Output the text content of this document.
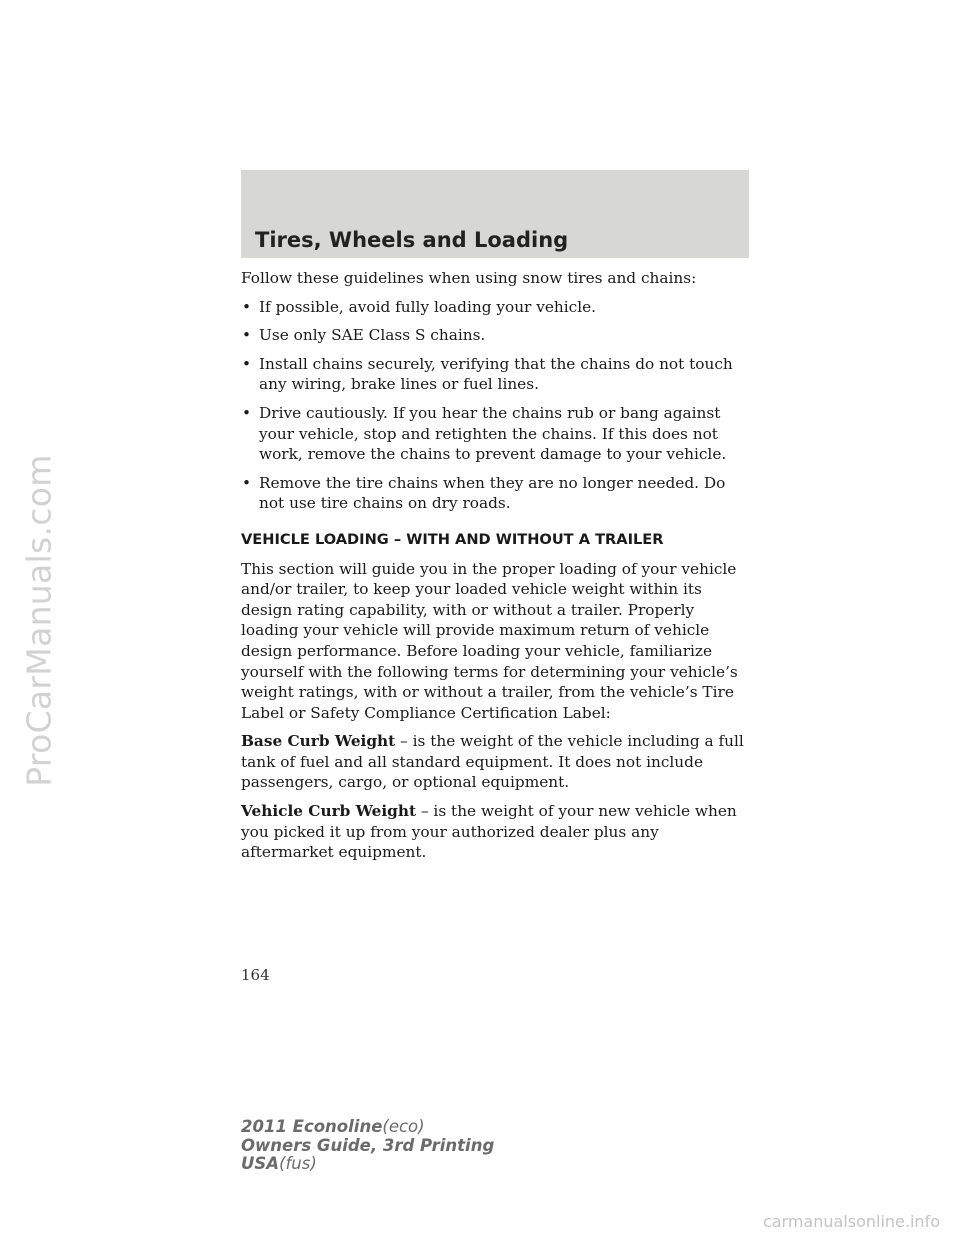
ProCarManuals.com
Tires, Wheels and Loading

Follow these guidelines when using snow tires and chains:

• If possible, avoid fully loading your vehicle.
• Use only SAE Class S chains.
• Install chains securely, verifying that the chains do not touch any wiring, brake lines or fuel lines.
• Drive cautiously. If you hear the chains rub or bang against your vehicle, stop and retighten the chains. If this does not work, remove the chains to prevent damage to your vehicle.
• Remove the tire chains when they are no longer needed. Do not use tire chains on dry roads.
VEHICLE LOADING – WITH AND WITHOUT A TRAILER

This section will guide you in the proper loading of your vehicle and/or trailer, to keep your loaded vehicle weight within its design rating capability, with or without a trailer. Properly loading your vehicle will provide maximum return of vehicle design performance. Before loading your vehicle, familiarize yourself with the following terms for determining your vehicle’s weight ratings, with or without a trailer, from the vehicle’s Tire Label or Safety Compliance Certification Label:

Base Curb Weight – is the weight of the vehicle including a full tank of fuel and all standard equipment. It does not include passengers, cargo, or optional equipment.

Vehicle Curb Weight – is the weight of your new vehicle when you picked it up from your authorized dealer plus any aftermarket equipment.

164
2011 Econoline(eco)
Owners Guide, 3rd Printing
USA(fus)
carmanualsonline.info
